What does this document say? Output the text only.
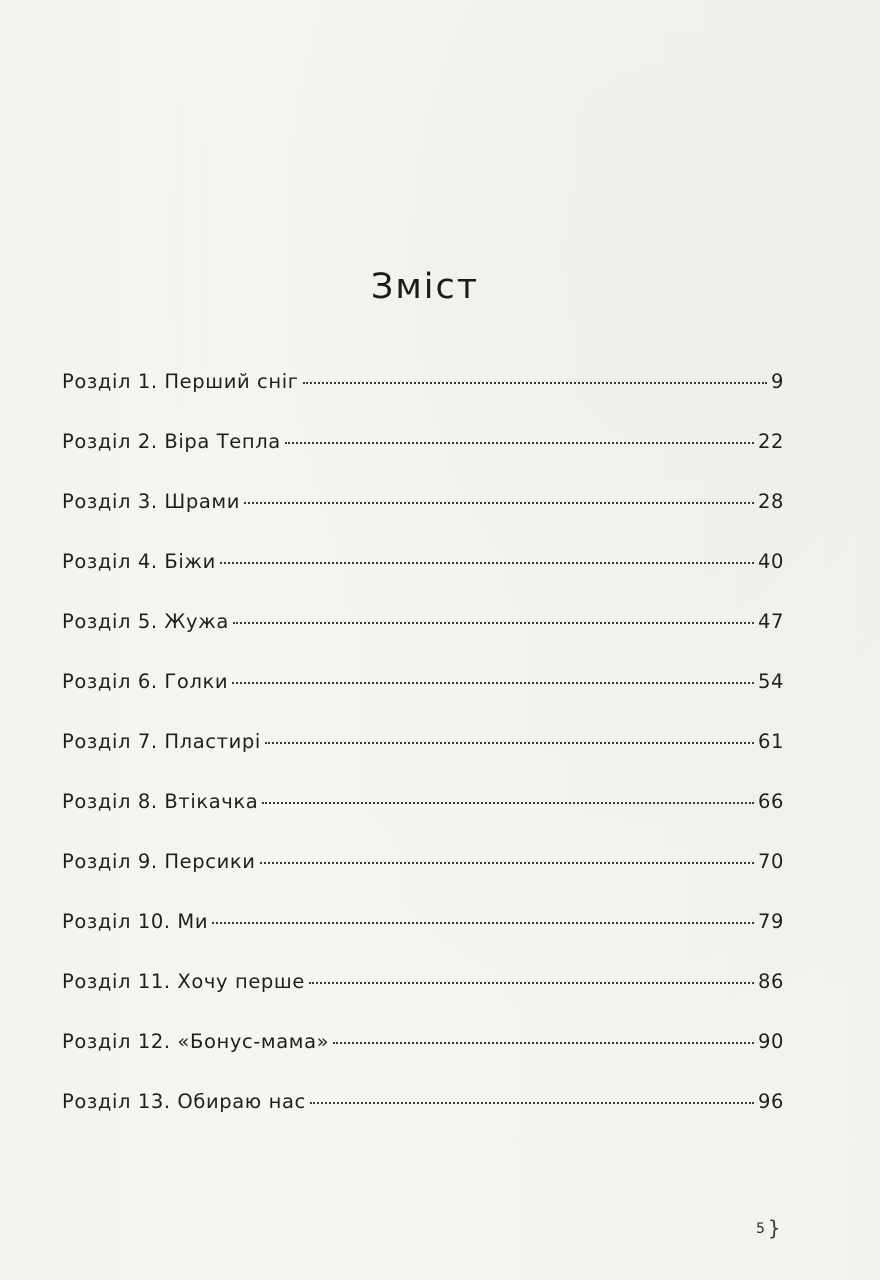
Зміст
Розділ 1. Перший сніг	9
Розділ 2. Віра Тепла	22
Розділ 3. Шрами	28
Розділ 4. Біжи	40
Розділ 5. Жужа	47
Розділ 6. Голки	54
Розділ 7. Пластирі	61
Розділ 8. Втікачка	66
Розділ 9. Персики	70
Розділ 10. Ми	79
Розділ 11. Хочу перше	86
Розділ 12. «Бонус-мама»	90
Розділ 13. Обираю нас	96
5 }
